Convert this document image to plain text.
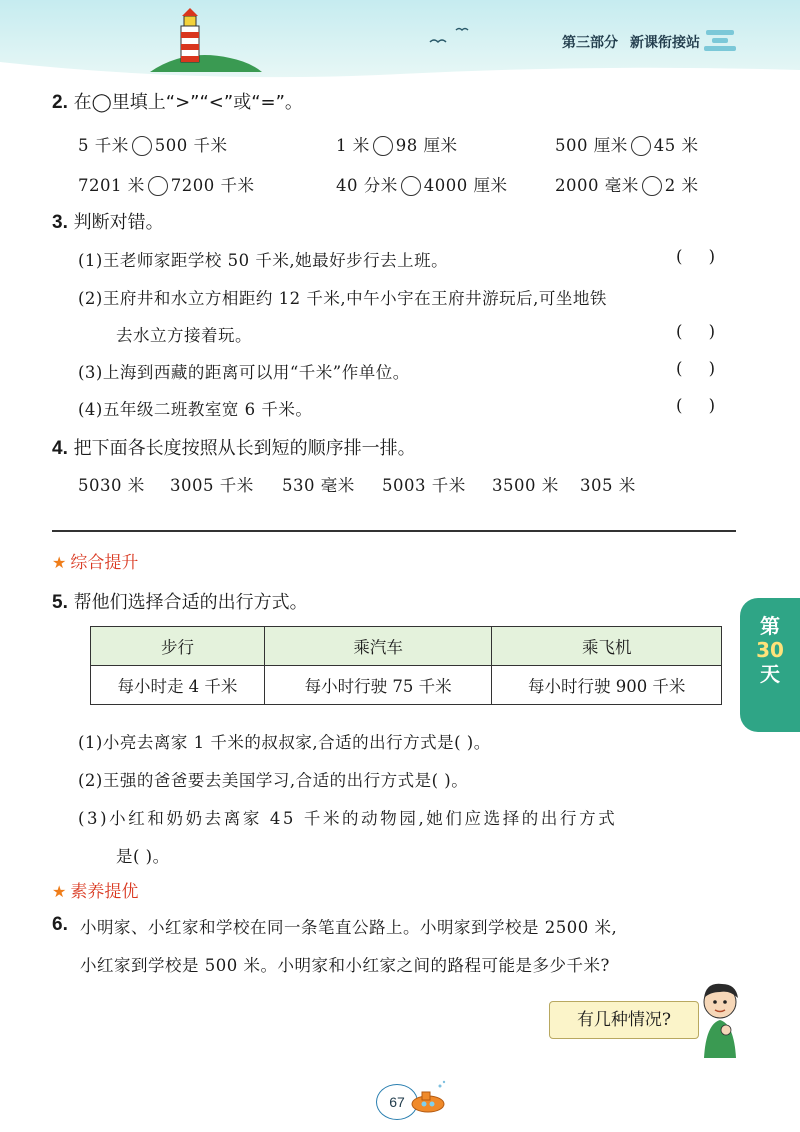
第三部分 新课衔接站
2. 在◯里填上“>”“<”或“=”。
5 千米 500 千米	1 米 98 厘米	500 厘米 45 米
7201 米 7200 千米	40 分米 4000 厘米	2000 毫米 2 米
3. 判断对错。
(1)王老师家距学校 50 千米,她最好步行去上班。	(     )
(2)王府井和水立方相距约 12 千米,中午小宇在王府井游玩后,可坐地铁
去水立方接着玩。	(     )
(3)上海到西藏的距离可以用“千米”作单位。	(     )
(4)五年级二班教室宽 6 千米。	(     )
4. 把下面各长度按照从长到短的顺序排一排。
5030 米 3005 千米 530 毫米 5003 千米 3500 米 305 米
★ 综合提升
5. 帮他们选择合适的出行方式。
步行	乘汽车	乘飞机
每小时走 4 千米	每小时行驶 75 千米	每小时行驶 900 千米
(1)小亮去离家 1 千米的叔叔家,合适的出行方式是( )。
(2)王强的爸爸要去美国学习,合适的出行方式是( )。
(3)小红和奶奶去离家 45 千米的动物园,她们应选择的出行方式
是( )。
★ 素养提优
6. 小明家、小红家和学校在同一条笔直公路上。小明家到学校是 2500 米,
小红家到学校是 500 米。小明家和小红家之间的路程可能是多少千米?
有几种情况?
第
30
天
67
